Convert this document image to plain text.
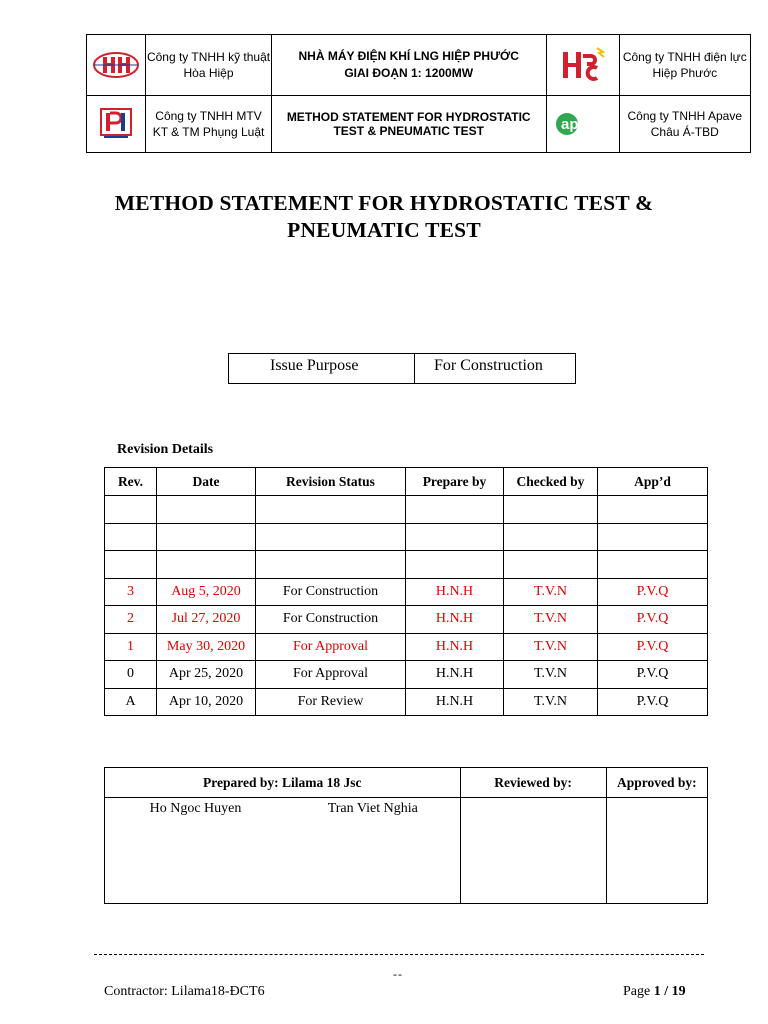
	Công ty TNHH kỹ thuật Hòa Hiệp	NHÀ MÁY ĐIỆN KHÍ LNG HIỆP PHƯỚC GIAI ĐOẠN 1: 1200MW		Công ty TNHH điện lực Hiệp Phước

	Công ty TNHH MTV KT & TM Phụng Luật	METHOD STATEMENT FOR HYDROSTATIC TEST & PNEUMATIC TEST	apave	Công ty TNHH Apave Châu Á-TBD
METHOD STATEMENT FOR HYDROSTATIC TEST &
PNEUMATIC TEST
Issue Purpose	For Construction
Revision Details
Rev.	Date	Revision Status	Prepare by	Checked by	App’d

3	Aug 5, 2020	For Construction	H.N.H	T.V.N	P.V.Q
2	Jul 27, 2020	For Construction	H.N.H	T.V.N	P.V.Q
1	May 30, 2020	For Approval	H.N.H	T.V.N	P.V.Q
0	Apr 25, 2020	For Approval	H.N.H	T.V.N	P.V.Q
A	Apr 10, 2020	For Review	H.N.H	T.V.N	P.V.Q
Prepared by: Lilama 18 Jsc		Reviewed by:	Approved by:
Ho Ngoc Huyen	Tran Viet Nghia		
--
Contractor: Lilama18-ĐCT6	Page 1 / 19
